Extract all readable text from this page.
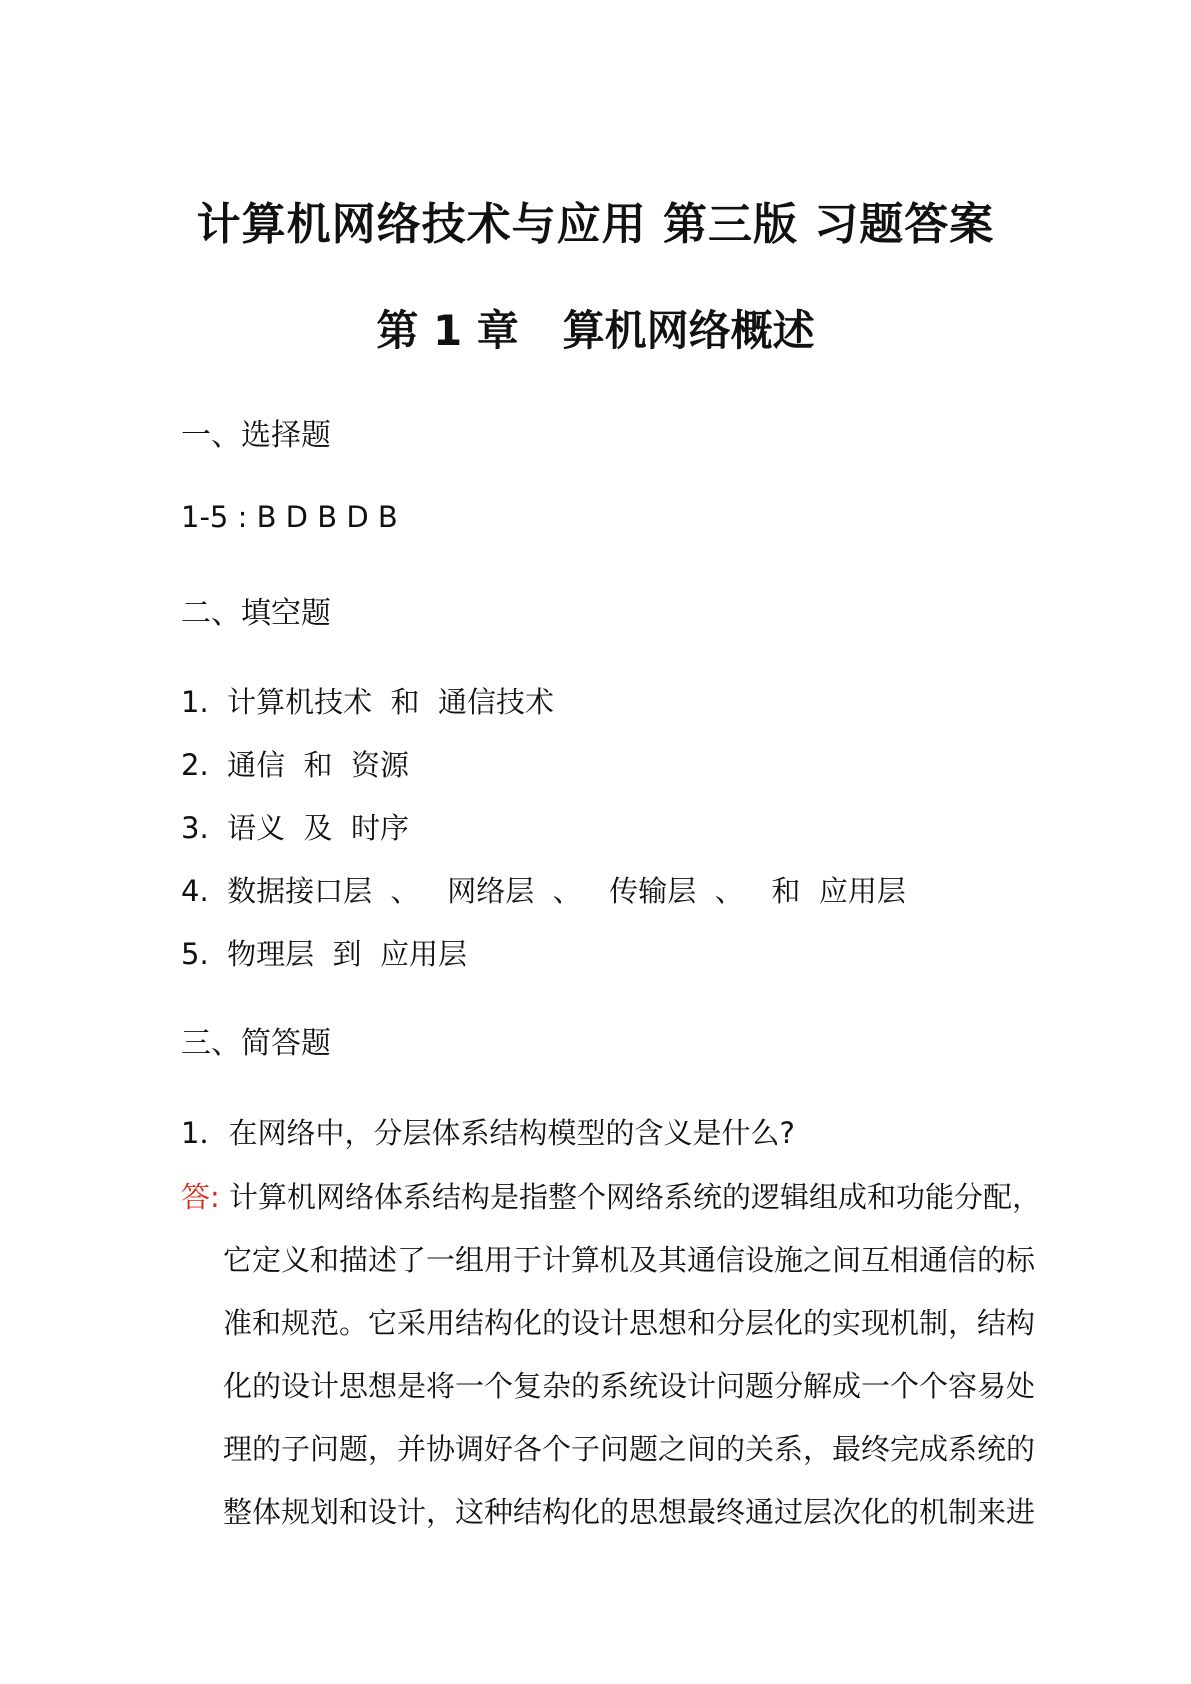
计算机网络技术与应用 第三版 习题答案
第 1 章   算机网络概述
一、选择题
1-5 : B D B D B
二、填空题
1.  计算机技术  和  通信技术
2.  通信  和  资源
3.  语义  及  时序
4.  数据接口层  、   网络层  、   传输层  、   和  应用层
5.  物理层  到  应用层
三、简答题
1．在网络中，分层体系结构模型的含义是什么?
答: 计算机网络体系结构是指整个网络系统的逻辑组成和功能分配，
它定义和描述了一组用于计算机及其通信设施之间互相通信的标
准和规范。它采用结构化的设计思想和分层化的实现机制，结构
化的设计思想是将一个复杂的系统设计问题分解成一个个容易处
理的子问题，并协调好各个子问题之间的关系，最终完成系统的
整体规划和设计，这种结构化的思想最终通过层次化的机制来进
